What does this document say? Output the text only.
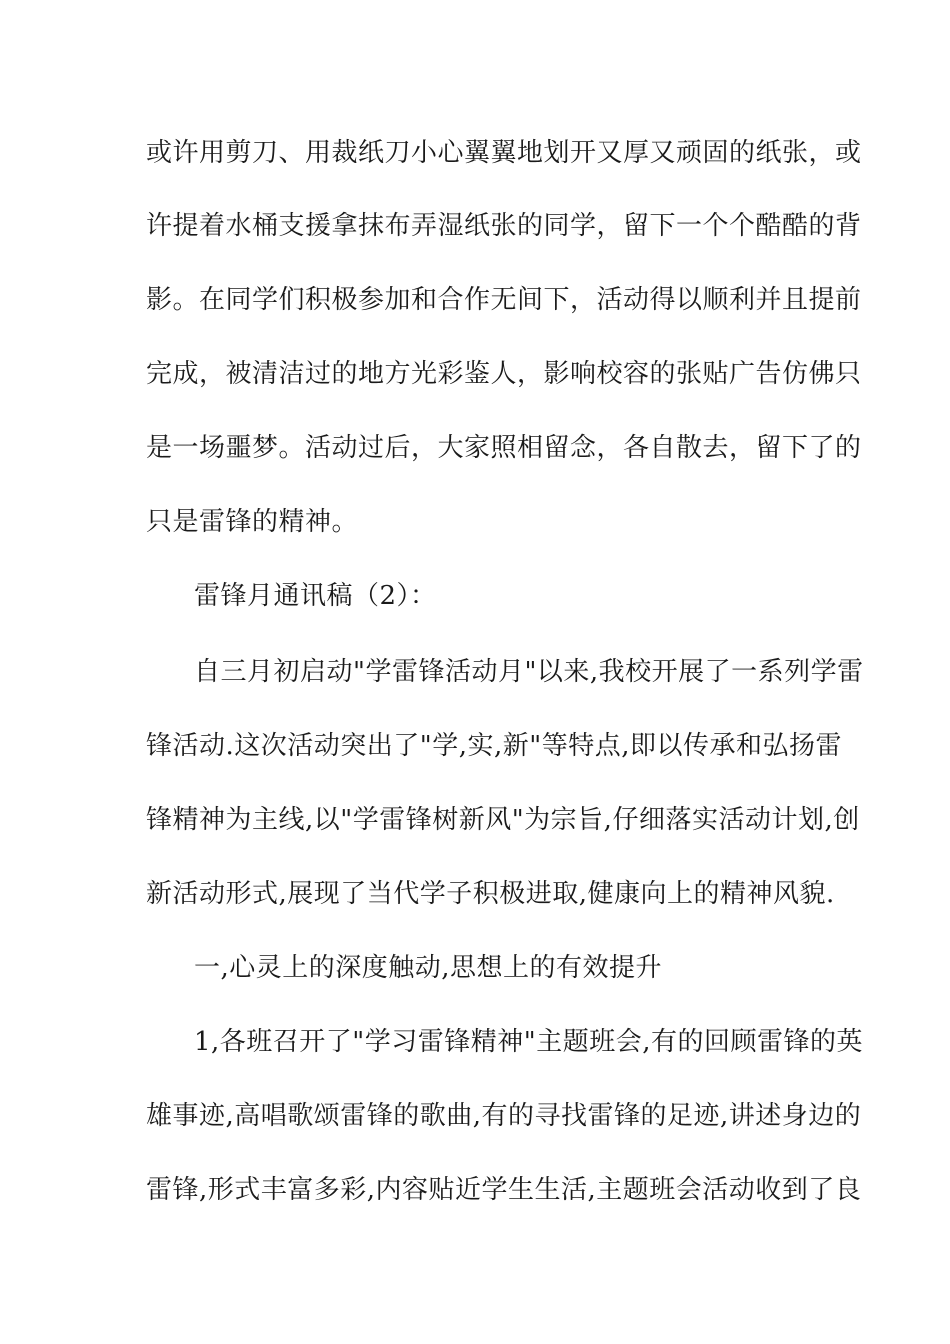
或许用剪刀、用裁纸刀小心翼翼地划开又厚又顽固的纸张，或
许提着水桶支援拿抹布弄湿纸张的同学，留下一个个酷酷的背
影。在同学们积极参加和合作无间下，活动得以顺利并且提前
完成，被清洁过的地方光彩鉴人，影响校容的张贴广告仿佛只
是一场噩梦。活动过后，大家照相留念，各自散去，留下了的
只是雷锋的精神。
雷锋月通讯稿（2）：
自三月初启动"学雷锋活动月"以来,我校开展了一系列学雷
锋活动.这次活动突出了"学,实,新"等特点,即以传承和弘扬雷
锋精神为主线,以"学雷锋树新风"为宗旨,仔细落实活动计划,创
新活动形式,展现了当代学子积极进取,健康向上的精神风貌.
一,心灵上的深度触动,思想上的有效提升
1,各班召开了"学习雷锋精神"主题班会,有的回顾雷锋的英
雄事迹,高唱歌颂雷锋的歌曲,有的寻找雷锋的足迹,讲述身边的
雷锋,形式丰富多彩,内容贴近学生生活,主题班会活动收到了良
